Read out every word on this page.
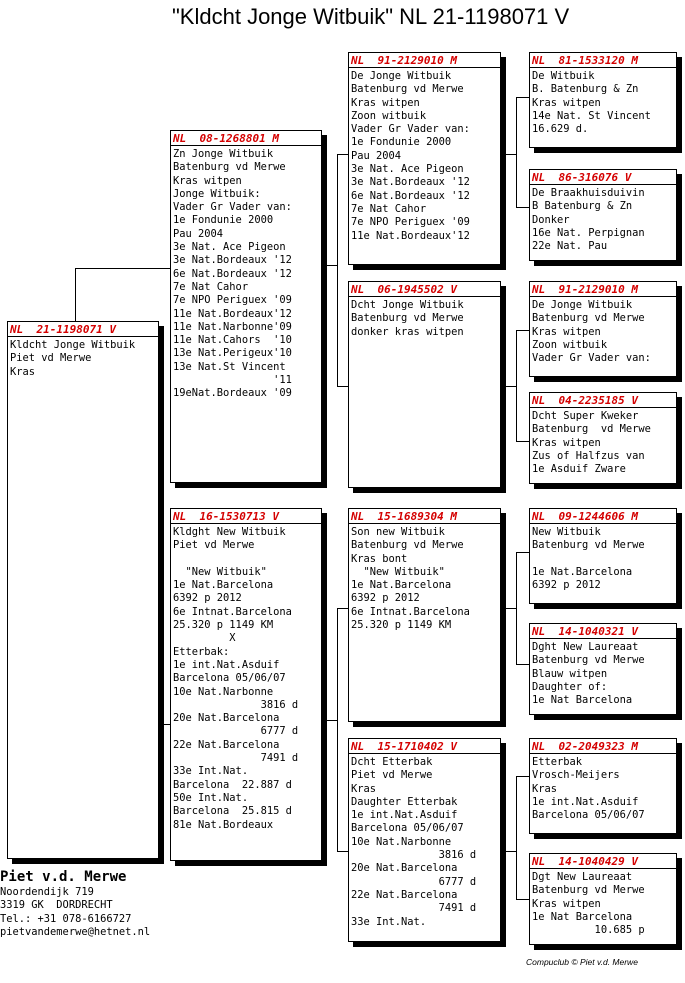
"Kldcht Jonge Witbuik" NL 21-1198071 V
NL  21-1198071 V
Kldcht Jonge Witbuik
Piet vd Merwe
Kras
NL  08-1268801 M
Zn Jonge Witbuik
Batenburg vd Merwe
Kras witpen
Jonge Witbuik:
Vader Gr Vader van:
1e Fondunie 2000
Pau 2004
3e Nat. Ace Pigeon
3e Nat.Bordeaux '12
6e Nat.Bordeaux '12
7e Nat Cahor
7e NPO Periguex '09
11e Nat.Bordeaux'12
11e Nat.Narbonne'09
11e Nat.Cahors  '10
13e Nat.Perigeux'10
13e Nat.St Vincent
'11
19eNat.Bordeaux '09
NL  16-1530713 V
Kldght New Witbuik
Piet vd Merwe

"New Witbuik"
1e Nat.Barcelona
6392 p 2012
6e Intnat.Barcelona
25.320 p 1149 KM
X
Etterbak:
1e int.Nat.Asduif
Barcelona 05/06/07
10e Nat.Narbonne
3816 d
20e Nat.Barcelona
6777 d
22e Nat.Barcelona
7491 d
33e Int.Nat.
Barcelona  22.887 d
50e Int.Nat.
Barcelona  25.815 d
81e Nat.Bordeaux
NL  91-2129010 M
De Jonge Witbuik
Batenburg vd Merwe
Kras witpen
Zoon witbuik
Vader Gr Vader van:
1e Fondunie 2000
Pau 2004
3e Nat. Ace Pigeon
3e Nat.Bordeaux '12
6e Nat.Bordeaux '12
7e Nat Cahor
7e NPO Periguex '09
11e Nat.Bordeaux'12
NL  06-1945502 V
Dcht Jonge Witbuik
Batenburg vd Merwe
donker kras witpen
NL  15-1689304 M
Son new Witbuik
Batenburg vd Merwe
Kras bont
"New Witbuik"
1e Nat.Barcelona
6392 p 2012
6e Intnat.Barcelona
25.320 p 1149 KM
NL  15-1710402 V
Dcht Etterbak
Piet vd Merwe
Kras
Daughter Etterbak
1e int.Nat.Asduif
Barcelona 05/06/07
10e Nat.Narbonne
3816 d
20e Nat.Barcelona
6777 d
22e Nat.Barcelona
7491 d
33e Int.Nat.
NL  81-1533120 M
De Witbuik
B. Batenburg & Zn
Kras witpen
14e Nat. St Vincent
16.629 d.
NL  86-316076 V
De Braakhuisduivin
B Batenburg & Zn
Donker
16e Nat. Perpignan
22e Nat. Pau
NL  91-2129010 M
De Jonge Witbuik
Batenburg vd Merwe
Kras witpen
Zoon witbuik
Vader Gr Vader van:
NL  04-2235185 V
Dcht Super Kweker
Batenburg  vd Merwe
Kras witpen
Zus of Halfzus van
1e Asduif Zware
NL  09-1244606 M
New Witbuik
Batenburg vd Merwe

1e Nat.Barcelona
6392 p 2012
NL  14-1040321 V
Dght New Laureaat
Batenburg vd Merwe
Blauw witpen
Daughter of:
1e Nat Barcelona
NL  02-2049323 M
Etterbak
Vrosch-Meijers
Kras
1e int.Nat.Asduif
Barcelona 05/06/07
NL  14-1040429 V
Dgt New Laureaat
Batenburg vd Merwe
Kras witpen
1e Nat Barcelona
10.685 p
Piet v.d. Merwe
Noordendijk 719
3319 GK  DORDRECHT
Tel.: +31 078-6166727
pietvandemerwe@hetnet.nl
Compuclub © Piet v.d. Merwe
